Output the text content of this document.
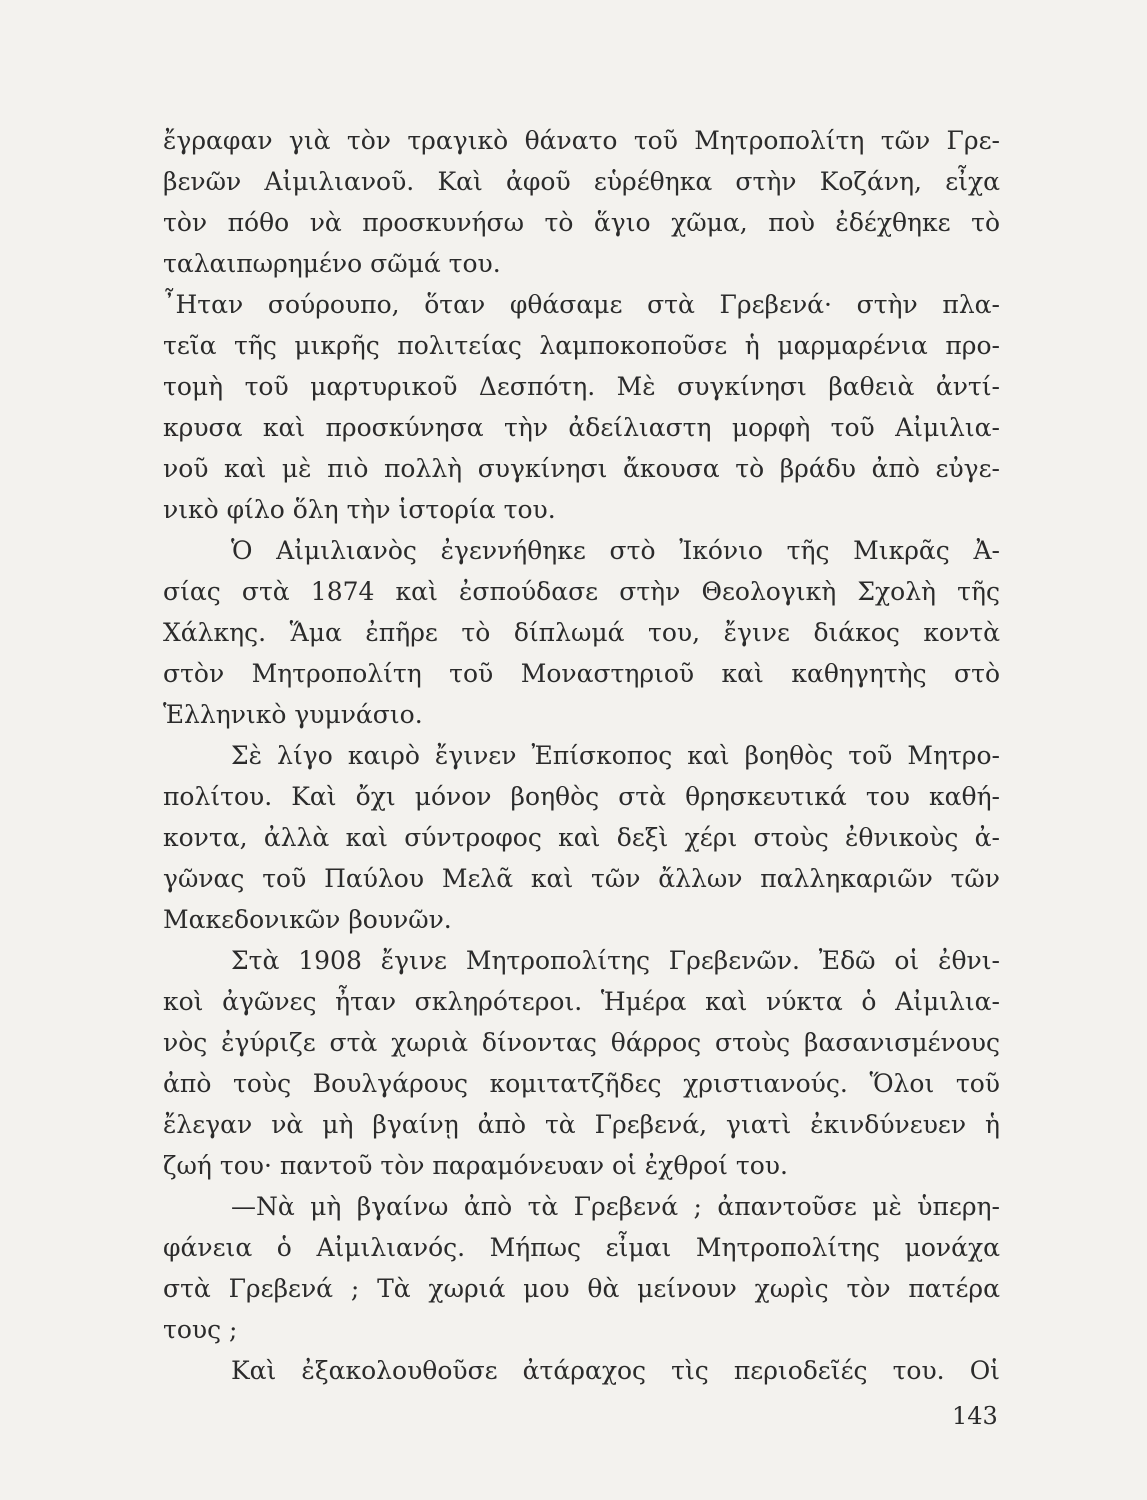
ἔγραφαν γιὰ τὸν τραγικὸ θάνατο τοῦ Μητροπολίτη τῶν Γρε-
βενῶν Αἰμιλιανοῦ. Καὶ ἀφοῦ εὑρέθηκα στὴν Κοζάνη, εἶχα
τὸν πόθο νὰ προσκυνήσω τὸ ἅγιο χῶμα, ποὺ ἐδέχθηκε τὸ
ταλαιπωρημένο σῶμά του.
῏Ηταν σούρουπο, ὅταν φθάσαμε στὰ Γρεβενά· στὴν πλα-
τεῖα τῆς μικρῆς πολιτείας λαμποκοποῦσε ἡ μαρμαρένια προ-
τομὴ τοῦ μαρτυρικοῦ Δεσπότη. Μὲ συγκίνησι βαθειὰ ἀντί-
κρυσα καὶ προσκύνησα τὴν ἀδείλιαστη μορφὴ τοῦ Αἰμιλια-
νοῦ καὶ μὲ πιὸ πολλὴ συγκίνησι ἄκουσα τὸ βράδυ ἀπὸ εὐγε-
νικὸ φίλο ὅλη τὴν ἱστορία του.
Ὁ Αἰμιλιανὸς ἐγεννήθηκε στὸ Ἰκόνιο τῆς Μικρᾶς Ἀ-
σίας στὰ 1874 καὶ ἐσπούδασε στὴν Θεολογικὴ Σχολὴ τῆς
Χάλκης. Ἅμα ἐπῆρε τὸ δίπλωμά του, ἔγινε διάκος κοντὰ
στὸν Μητροπολίτη τοῦ Μοναστηριοῦ καὶ καθηγητὴς στὸ
Ἑλληνικὸ γυμνάσιο.
Σὲ λίγο καιρὸ ἔγινεν Ἐπίσκοπος καὶ βοηθὸς τοῦ Μητρο-
πολίτου. Καὶ ὄχι μόνον βοηθὸς στὰ θρησκευτικά του καθή-
κοντα, ἀλλὰ καὶ σύντροφος καὶ δεξὶ χέρι στοὺς ἐθνικοὺς ἀ-
γῶνας τοῦ Παύλου Μελᾶ καὶ τῶν ἄλλων παλληκαριῶν τῶν
Μακεδονικῶν βουνῶν.
Στὰ 1908 ἔγινε Μητροπολίτης Γρεβενῶν. Ἐδῶ οἱ ἐθνι-
κοὶ ἀγῶνες ἦταν σκληρότεροι. Ἡμέρα καὶ νύκτα ὁ Αἰμιλια-
νὸς ἐγύριζε στὰ χωριὰ δίνοντας θάρρος στοὺς βασανισμένους
ἀπὸ τοὺς Βουλγάρους κομιτατζῆδες χριστιανούς. Ὅλοι τοῦ
ἔλεγαν νὰ μὴ βγαίνῃ ἀπὸ τὰ Γρεβενά, γιατὶ ἐκινδύνευεν ἡ
ζωή του· παντοῦ τὸν παραμόνευαν οἱ ἐχθροί του.
—Νὰ μὴ βγαίνω ἀπὸ τὰ Γρεβενά ; ἀπαντοῦσε μὲ ὑπερη-
φάνεια ὁ Αἰμιλιανός. Μήπως εἶμαι Μητροπολίτης μονάχα
στὰ Γρεβενά ; Τὰ χωριά μου θὰ μείνουν χωρὶς τὸν πατέρα
τους ;
Καὶ ἐξακολουθοῦσε ἀτάραχος τὶς περιοδεῖές του. Οἱ
143
